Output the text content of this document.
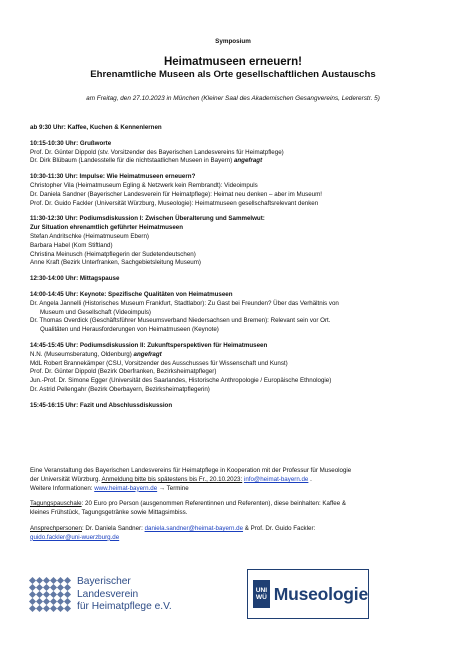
Symposium
Heimatmuseen erneuern!
Ehrenamtliche Museen als Orte gesellschaftlichen Austauschs
am Freitag, den 27.10.2023 in München (Kleiner Saal des Akademischen Gesangvereins, Ledererstr. 5)
ab 9:30 Uhr: Kaffee, Kuchen & Kennenlernen
10:15-10:30 Uhr: Grußworte
Prof. Dr. Günter Dippold (stv. Vorsitzender des Bayerischen Landesvereins für Heimatpflege)
Dr. Dirk Blübaum (Landesstelle für die nichtstaatlichen Museen in Bayern) angefragt
10:30-11:30 Uhr: Impulse: Wie Heimatmuseen erneuern?
Christopher Vila (Heimatmuseum Egling & Netzwerk kein Rembrandt): Videoimpuls
Dr. Daniela Sandner (Bayerischer Landesverein für Heimatpflege): Heimat neu denken – aber im Museum!
Prof. Dr. Guido Fackler (Universität Würzburg, Museologie): Heimatmuseen gesellschaftsrelevant denken
11:30-12:30 Uhr: Podiumsdiskussion I: Zwischen Überalterung und Sammelwut:
Zur Situation ehrenamtlich geführter Heimatmuseen
Stefan Andritschke (Heimatmuseum Ebern)
Barbara Habel (Kom Stiftland)
Christina Meinusch (Heimatpflegerin der Sudetendeutschen)
Anne Kraft (Bezirk Unterfranken, Sachgebietsleitung Museum)
12:30-14:00 Uhr: Mittagspause
14:00-14:45 Uhr: Keynote: Spezifische Qualitäten von Heimatmuseen
Dr. Angela Jannelli (Historisches Museum Frankfurt, Stadtlabor): Zu Gast bei Freunden? Über das Verhältnis von
Museum und Gesellschaft (Videoimpuls)
Dr. Thomas Overdick (Geschäftsführer Museumsverband Niedersachsen und Bremen): Relevant sein vor Ort.
Qualitäten und Herausforderungen von Heimatmuseen (Keynote)
14:45-15:45 Uhr: Podiumsdiskussion II: Zukunftsperspektiven für Heimatmuseen
N.N. (Museumsberatung, Oldenburg) angefragt
MdL Robert Brannekämper (CSU, Vorsitzender des Ausschusses für Wissenschaft und Kunst)
Prof. Dr. Günter Dippold (Bezirk Oberfranken, Bezirksheimatpfleger)
Jun.-Prof. Dr. Simone Egger (Universität des Saarlandes, Historische Anthropologie / Europäische Ethnologie)
Dr. Astrid Pellengahr (Bezirk Oberbayern, Bezirksheimatpflegerin)
15:45-16:15 Uhr: Fazit und Abschlussdiskussion
Eine Veranstaltung des Bayerischen Landesvereins für Heimatpflege in Kooperation mit der Professur für Museologie
der Universität Würzburg. Anmeldung bitte bis spätestens bis Fr., 20.10.2023: info@heimat-bayern.de .
Weitere Informationen: www.heimat-bayern.de → Termine
Tagungspauschale: 20 Euro pro Person (ausgenommen Referentinnen und Referenten), diese beinhalten: Kaffee &
kleines Frühstück, Tagungsgetränke sowie Mittagsimbiss.
Ansprechpersonen: Dr. Daniela Sandner: daniela.sandner@heimat-bayern.de & Prof. Dr. Guido Fackler:
guido.fackler@uni-wuerzburg.de
Bayerischer Landesverein
für Heimatpflege e.V.
UNI
WÜ Museologie
